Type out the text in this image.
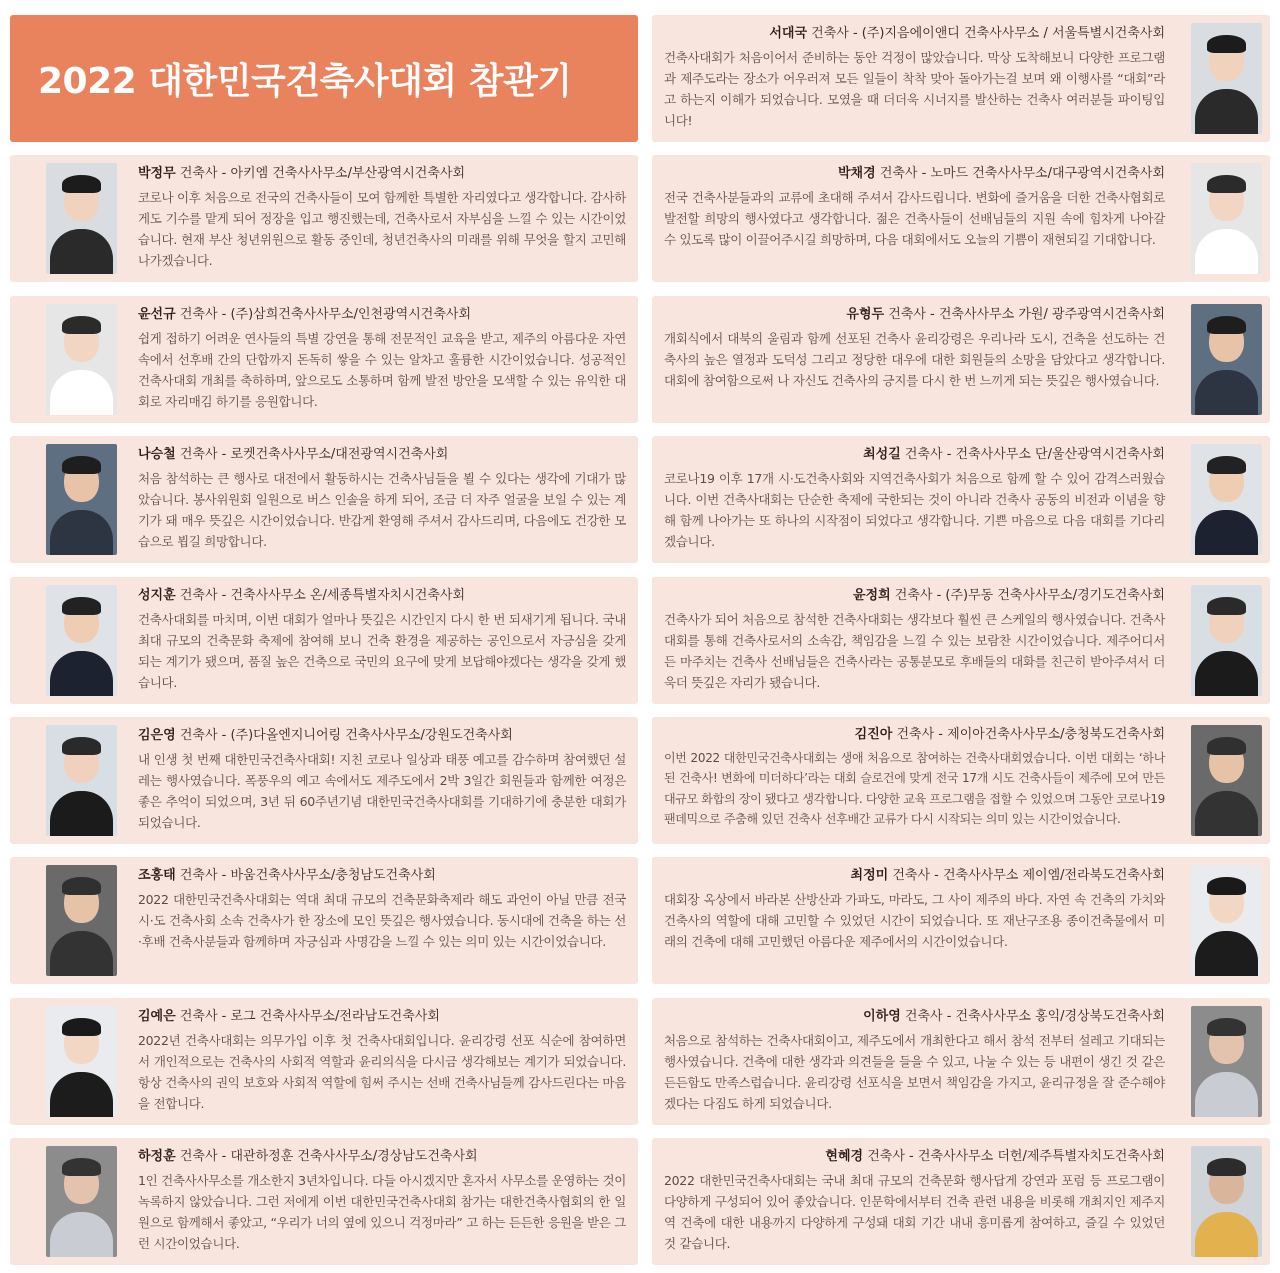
2022 대한민국건축사대회 참관기
박정무 건축사 - 아키엠 건축사사무소/부산광역시건축사회
코로나 이후 처음으로 전국의 건축사들이 모여 함께한 특별한 자리였다고 생각합니다. 감사하게도 기수를 맡게 되어 정장을 입고 행진했는데, 건축사로서 자부심을 느낄 수 있는 시간이었습니다. 현재 부산 청년위원으로 활동 중인데, 청년건축사의 미래를 위해 무엇을 할지 고민해 나가겠습니다.
윤선규 건축사 - (주)삼희건축사사무소/인천광역시건축사회
쉽게 접하기 어려운 연사들의 특별 강연을 통해 전문적인 교육을 받고, 제주의 아름다운 자연 속에서 선후배 간의 단합까지 돈독히 쌓을 수 있는 알차고 훌륭한 시간이었습니다. 성공적인 건축사대회 개최를 축하하며, 앞으로도 소통하며 함께 발전 방안을 모색할 수 있는 유익한 대회로 자리매김 하기를 응원합니다.
나승철 건축사 - 로켓건축사사무소/대전광역시건축사회
처음 참석하는 큰 행사로 대전에서 활동하시는 건축사님들을 뵐 수 있다는 생각에 기대가 많았습니다. 봉사위원회 일원으로 버스 인솔을 하게 되어, 조금 더 자주 얼굴을 보일 수 있는 계기가 돼 매우 뜻깊은 시간이었습니다. 반갑게 환영해 주셔서 감사드리며, 다음에도 건강한 모습으로 뵙길 희망합니다.
성지훈 건축사 - 건축사사무소 온/세종특별자치시건축사회
건축사대회를 마치며, 이번 대회가 얼마나 뜻깊은 시간인지 다시 한 번 되새기게 됩니다. 국내 최대 규모의 건축문화 축제에 참여해 보니 건축 환경을 제공하는 공인으로서 자긍심을 갖게 되는 계기가 됐으며, 품질 높은 건축으로 국민의 요구에 맞게 보답해야겠다는 생각을 갖게 했습니다.
김은영 건축사 - (주)다올엔지니어링 건축사사무소/강원도건축사회
내 인생 첫 번째 대한민국건축사대회! 지친 코로나 일상과 태풍 예고를 감수하며 참여했던 설레는 행사였습니다. 폭풍우의 예고 속에서도 제주도에서 2박 3일간 회원들과 함께한 여정은 좋은 추억이 되었으며, 3년 뒤 60주년기념 대한민국건축사대회를 기대하기에 충분한 대회가 되었습니다.
조홍태 건축사 - 바움건축사사무소/충청남도건축사회
2022 대한민국건축사대회는 역대 최대 규모의 건축문화축제라 해도 과언이 아닐 만큼 전국 시·도 건축사회 소속 건축사가 한 장소에 모인 뜻깊은 행사였습니다. 동시대에 건축을 하는 선·후배 건축사분들과 함께하며 자긍심과 사명감을 느낄 수 있는 의미 있는 시간이었습니다.
김예은 건축사 - 로그 건축사사무소/전라남도건축사회
2022년 건축사대회는 의무가입 이후 첫 건축사대회입니다. 윤리강령 선포 식순에 참여하면서 개인적으로는 건축사의 사회적 역할과 윤리의식을 다시금 생각해보는 계기가 되었습니다. 항상 건축사의 권익 보호와 사회적 역할에 힘써 주시는 선배 건축사님들께 감사드린다는 마음을 전합니다.
하정훈 건축사 - 대관하정훈 건축사사무소/경상남도건축사회
1인 건축사사무소를 개소한지 3년차입니다. 다들 아시겠지만 혼자서 사무소를 운영하는 것이 녹록하지 않았습니다. 그런 저에게 이번 대한민국건축사대회 참가는 대한건축사협회의 한 일원으로 함께해서 좋았고, “우리가 너의 옆에 있으니 걱정마라” 고 하는 든든한 응원을 받은 그런 시간이었습니다.
서대국 건축사 - (주)지음에이앤디 건축사사무소 / 서울특별시건축사회
건축사대회가 처음이어서 준비하는 동안 걱정이 많았습니다. 막상 도착해보니 다양한 프로그램과 제주도라는 장소가 어우러져 모든 일들이 착착 맞아 돌아가는걸 보며 왜 이행사를 “대회”라고 하는지 이해가 되었습니다. 모였을 때 더더욱 시너지를 발산하는 건축사 여러분들 파이팅입니다!
박채경 건축사 - 노마드 건축사사무소/대구광역시건축사회
전국 건축사분들과의 교류에 초대해 주셔서 감사드립니다. 변화에 즐거움을 더한 건축사협회로 발전할 희망의 행사였다고 생각합니다. 젊은 건축사들이 선배님들의 지원 속에 힘차게 나아갈 수 있도록 많이 이끌어주시길 희망하며, 다음 대회에서도 오늘의 기쁨이 재현되길 기대합니다.
유형두 건축사 - 건축사사무소 가원/ 광주광역시건축사회
개회식에서 대북의 울림과 함께 선포된 건축사 윤리강령은 우리나라 도시, 건축을 선도하는 건축사의 높은 열정과 도덕성 그리고 정당한 대우에 대한 회원들의 소망을 담았다고 생각합니다. 대회에 참여함으로써 나 자신도 건축사의 긍지를 다시 한 번 느끼게 되는 뜻깊은 행사였습니다.
최성길 건축사 - 건축사사무소 단/울산광역시건축사회
코로나19 이후 17개 시·도건축사회와 지역건축사회가 처음으로 함께 할 수 있어 감격스러웠습니다. 이번 건축사대회는 단순한 축제에 국한되는 것이 아니라 건축사 공동의 비전과 이념을 향해 함께 나아가는 또 하나의 시작점이 되었다고 생각합니다. 기쁜 마음으로 다음 대회를 기다리겠습니다.
윤정희 건축사 - (주)무동 건축사사무소/경기도건축사회
건축사가 되어 처음으로 참석한 건축사대회는 생각보다 훨씬 큰 스케일의 행사였습니다. 건축사대회를 통해 건축사로서의 소속감, 책임감을 느낄 수 있는 보람찬 시간이었습니다. 제주어디서든 마주치는 건축사 선배님들은 건축사라는 공통분모로 후배들의 대화를 친근히 받아주셔서 더욱더 뜻깊은 자리가 됐습니다.
김진아 건축사 - 제이아건축사사무소/충청북도건축사회
이번 2022 대한민국건축사대회는 생애 처음으로 참여하는 건축사대회였습니다. 이번 대회는 ‘하나된 건축사! 변화에 미더하다’라는 대회 슬로건에 맞게 전국 17개 시도 건축사들이 제주에 모여 만든 대규모 화합의 장이 됐다고 생각합니다. 다양한 교육 프로그램을 접할 수 있었으며 그동안 코로나19 팬데믹으로 주춤해 있던 건축사 선후배간 교류가 다시 시작되는 의미 있는 시간이었습니다.
최정미 건축사 - 건축사사무소 제이엠/전라북도건축사회
대회장 옥상에서 바라본 산방산과 가파도, 마라도, 그 사이 제주의 바다. 자연 속 건축의 가치와 건축사의 역할에 대해 고민할 수 있었던 시간이 되었습니다. 또 재난구조용 종이건축물에서 미래의 건축에 대해 고민했던 아름다운 제주에서의 시간이었습니다.
이하영 건축사 - 건축사사무소 홍익/경상북도건축사회
처음으로 참석하는 건축사대회이고, 제주도에서 개최한다고 해서 참석 전부터 설레고 기대되는 행사였습니다. 건축에 대한 생각과 의견들을 들을 수 있고, 나눌 수 있는 등 내편이 생긴 것 같은 든든함도 만족스럽습니다. 윤리강령 선포식을 보면서 책임감을 가지고, 윤리규정을 잘 준수해야겠다는 다짐도 하게 되었습니다.
현혜경 건축사 - 건축사사무소 더헌/제주특별자치도건축사회
2022 대한민국건축사대회는 국내 최대 규모의 건축문화 행사답게 강연과 포럼 등 프로그램이 다양하게 구성되어 있어 좋았습니다. 인문학에서부터 건축 관련 내용을 비롯해 개최지인 제주지역 건축에 대한 내용까지 다양하게 구성돼 대회 기간 내내 흥미롭게 참여하고, 즐길 수 있었던 것 같습니다.
